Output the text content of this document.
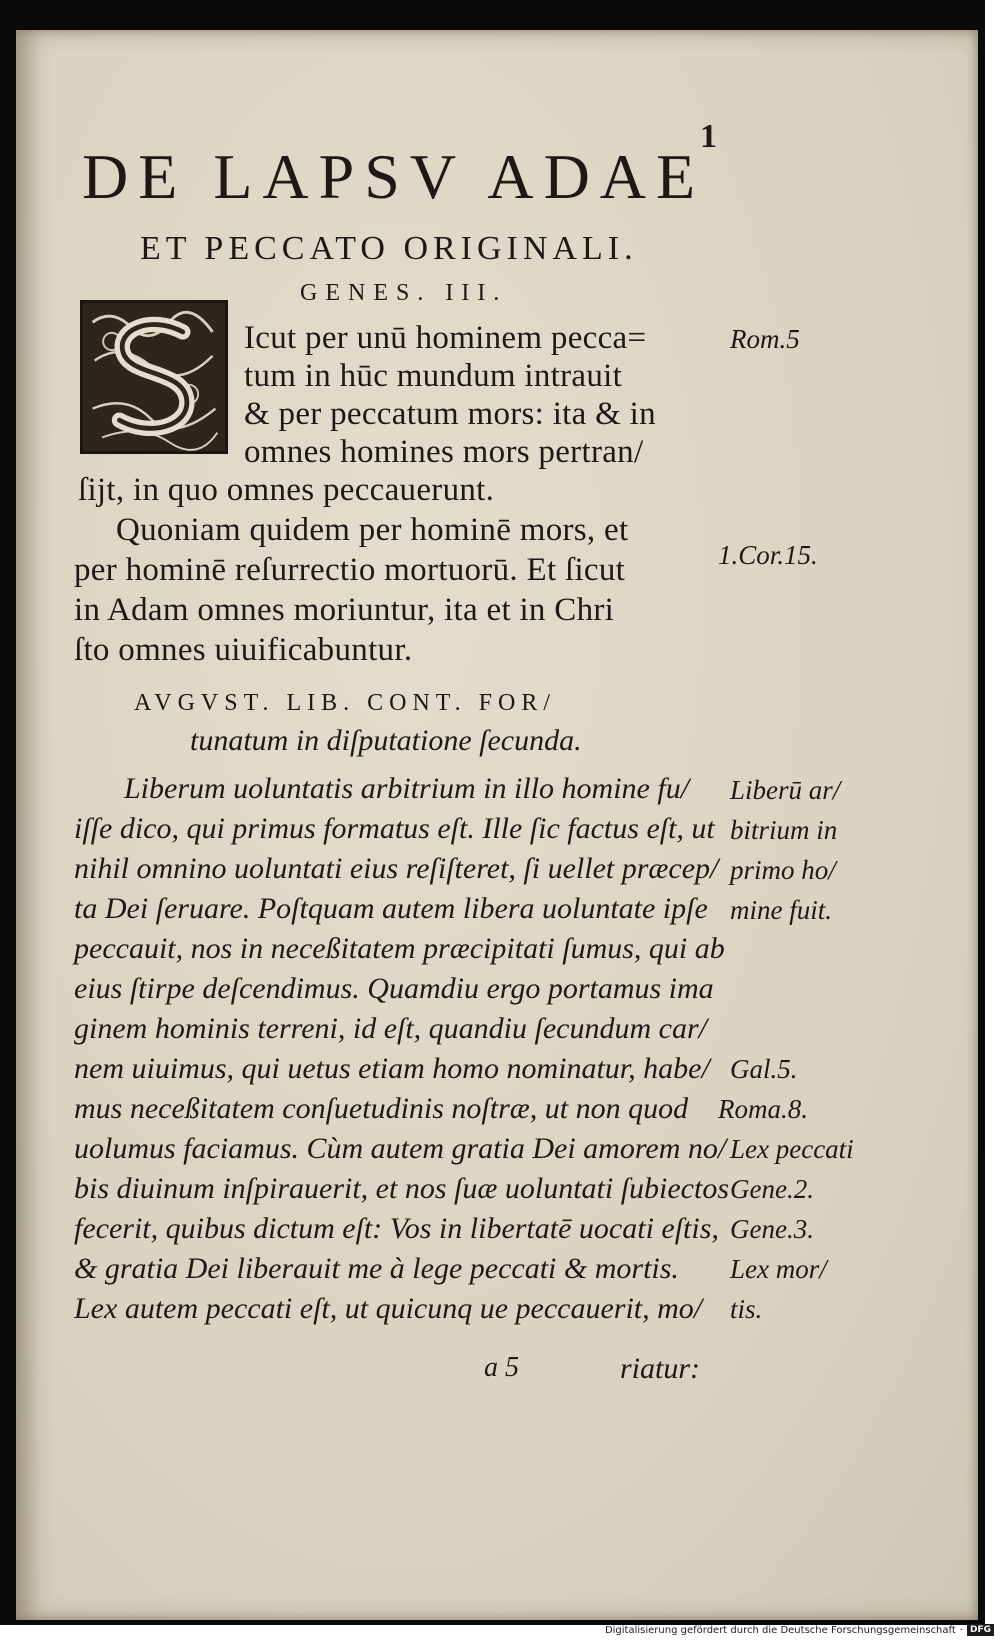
1

DE LAPSV ADAE

ET PECCATO ORIGINALI.

GENES. III.

Icut per unū hominem pecca=

tum in hūc mundum intrauit

& per peccatum mors: ita & in

omnes homines mors pertran/

ſijt, in quo omnes peccauerunt.

Quoniam quidem per hominē mors, et

per hominē reſurrectio mortuorū. Et ſicut

in Adam omnes moriuntur, ita et in Chri

ſto omnes uiuificabuntur.

AVGVST. LIB. CONT. FOR/

tunatum in diſputatione ſecunda.

Liberum uoluntatis arbitrium in illo homine fu/

iſſe dico, qui primus formatus eſt. Ille ſic factus eſt, ut

nihil omnino uoluntati eius reſiſteret, ſi uellet præcep/

ta Dei ſeruare. Poſtquam autem libera uoluntate ipſe

peccauit, nos in neceßitatem præcipitati ſumus, qui ab

eius ſtirpe deſcendimus. Quamdiu ergo portamus ima

ginem hominis terreni, id eſt, quandiu ſecundum car/

nem uiuimus, qui uetus etiam homo nominatur, habe/

mus neceßitatem conſuetudinis noſtræ, ut non quod

uolumus faciamus. Cùm autem gratia Dei amorem no/

bis diuinum inſpirauerit, et nos ſuæ uoluntati ſubiectos

fecerit, quibus dictum eſt: Vos in libertatē uocati eſtis,

& gratia Dei liberauit me à lege peccati & mortis.

Lex autem peccati eſt, ut quicunq ue peccauerit, mo/

Rom.5

1.Cor.15.

Liberū ar/

bitrium in

primo ho/

mine fuit.

Gal.5.

Roma.8.

Lex peccati

Gene.2.

Gene.3.

Lex mor/

tis.

a 5	riatur:

Digitalisierung gefördert durch die Deutsche Forschungsgemeinschaft · DFG
